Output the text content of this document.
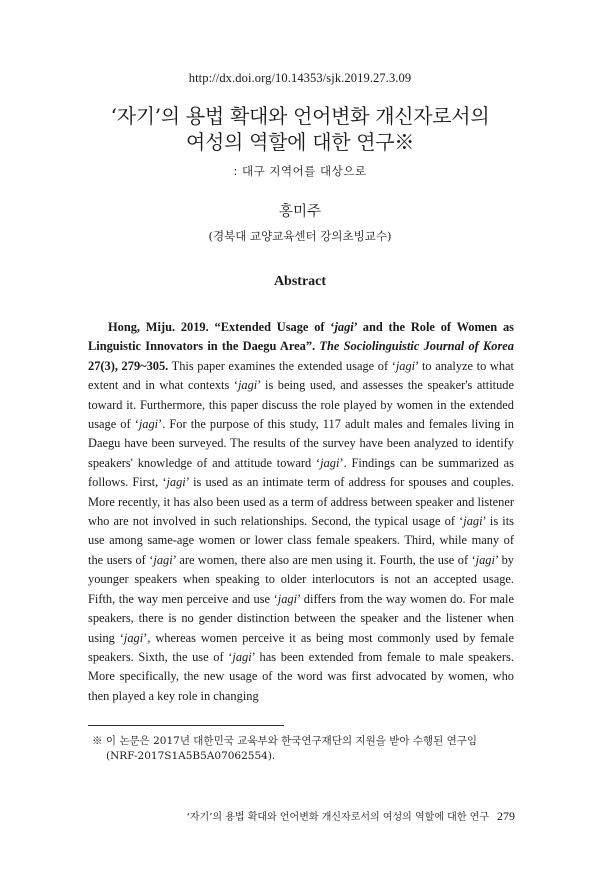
http://dx.doi.org/10.14353/sjk.2019.27.3.09
‘자기’의 용법 확대와 언어변화 개신자로서의
여성의 역할에 대한 연구※
: 대구 지역어를 대상으로
홍미주
(경북대 교양교육센터 강의초빙교수)
Abstract

Hong, Miju. 2019. “Extended Usage of ‘jagi’ and the Role of Women as Linguistic Innovators in the Daegu Area”. The Sociolinguistic Journal of Korea 27(3), 279~305. This paper examines the extended usage of ‘jagi’ to analyze to what extent and in what contexts ‘jagi’ is being used, and assesses the speaker's attitude toward it. Furthermore, this paper discuss the role played by women in the extended usage of ‘jagi’. For the purpose of this study, 117 adult males and females living in Daegu have been surveyed. The results of the survey have been analyzed to identify speakers' knowledge of and attitude toward ‘jagi’. Findings can be summarized as follows. First, ‘jagi’ is used as an intimate term of address for spouses and couples. More recently, it has also been used as a term of address between speaker and listener who are not involved in such relationships. Second, the typical usage of ‘jagi’ is its use among same-age women or lower class female speakers. Third, while many of the users of ‘jagi’ are women, there also are men using it. Fourth, the use of ‘jagi’ by younger speakers when speaking to older interlocutors is not an accepted usage. Fifth, the way men perceive and use ‘jagi’ differs from the way women do. For male speakers, there is no gender distinction between the speaker and the listener when using ‘jagi’, whereas women perceive it as being most commonly used by female speakers. Sixth, the use of ‘jagi’ has been extended from female to male speakers. More specifically, the new usage of the word was first advocated by women, who then played a key role in changing

※ 이 논문은 2017년 대한민국 교육부와 한국연구재단의 지원을 받아 수행된 연구임
(NRF-2017S1A5B5A07062554).
‘자기’의 용법 확대와 언어변화 개신자로서의 여성의 역할에 대한 연구 279
